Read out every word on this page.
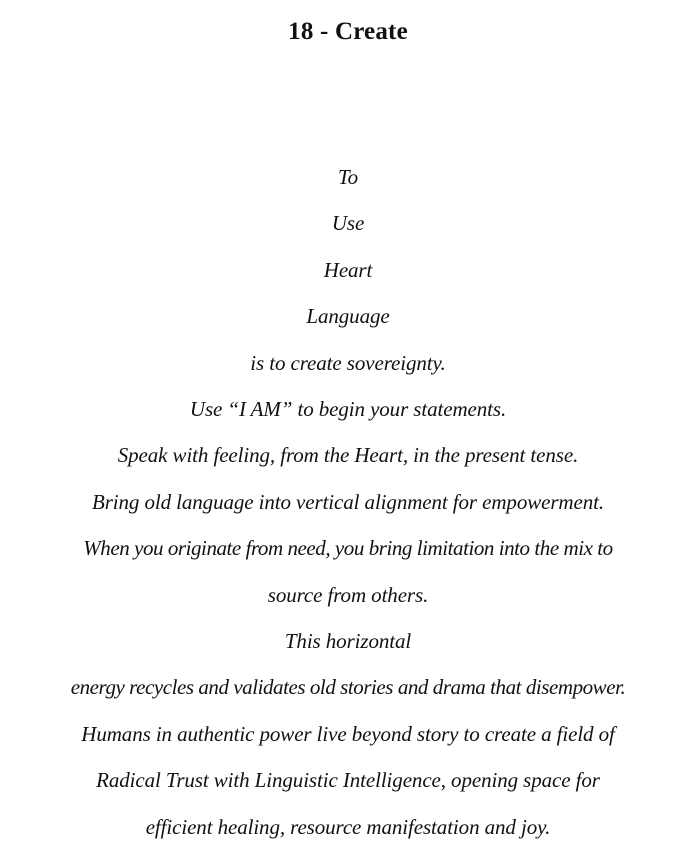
18 - Create
To
Use
Heart
Language
is to create sovereignty.
Use “I AM” to begin your statements.
Speak with feeling, from the Heart, in the present tense.
Bring old language into vertical alignment for empowerment.
When you originate from need, you bring limitation into the mix to
source from others.
This horizontal
energy recycles and validates old stories and drama that disempower.
Humans in authentic power live beyond story to create a field of
Radical Trust with Linguistic Intelligence, opening space for
efficient healing, resource manifestation and joy.
